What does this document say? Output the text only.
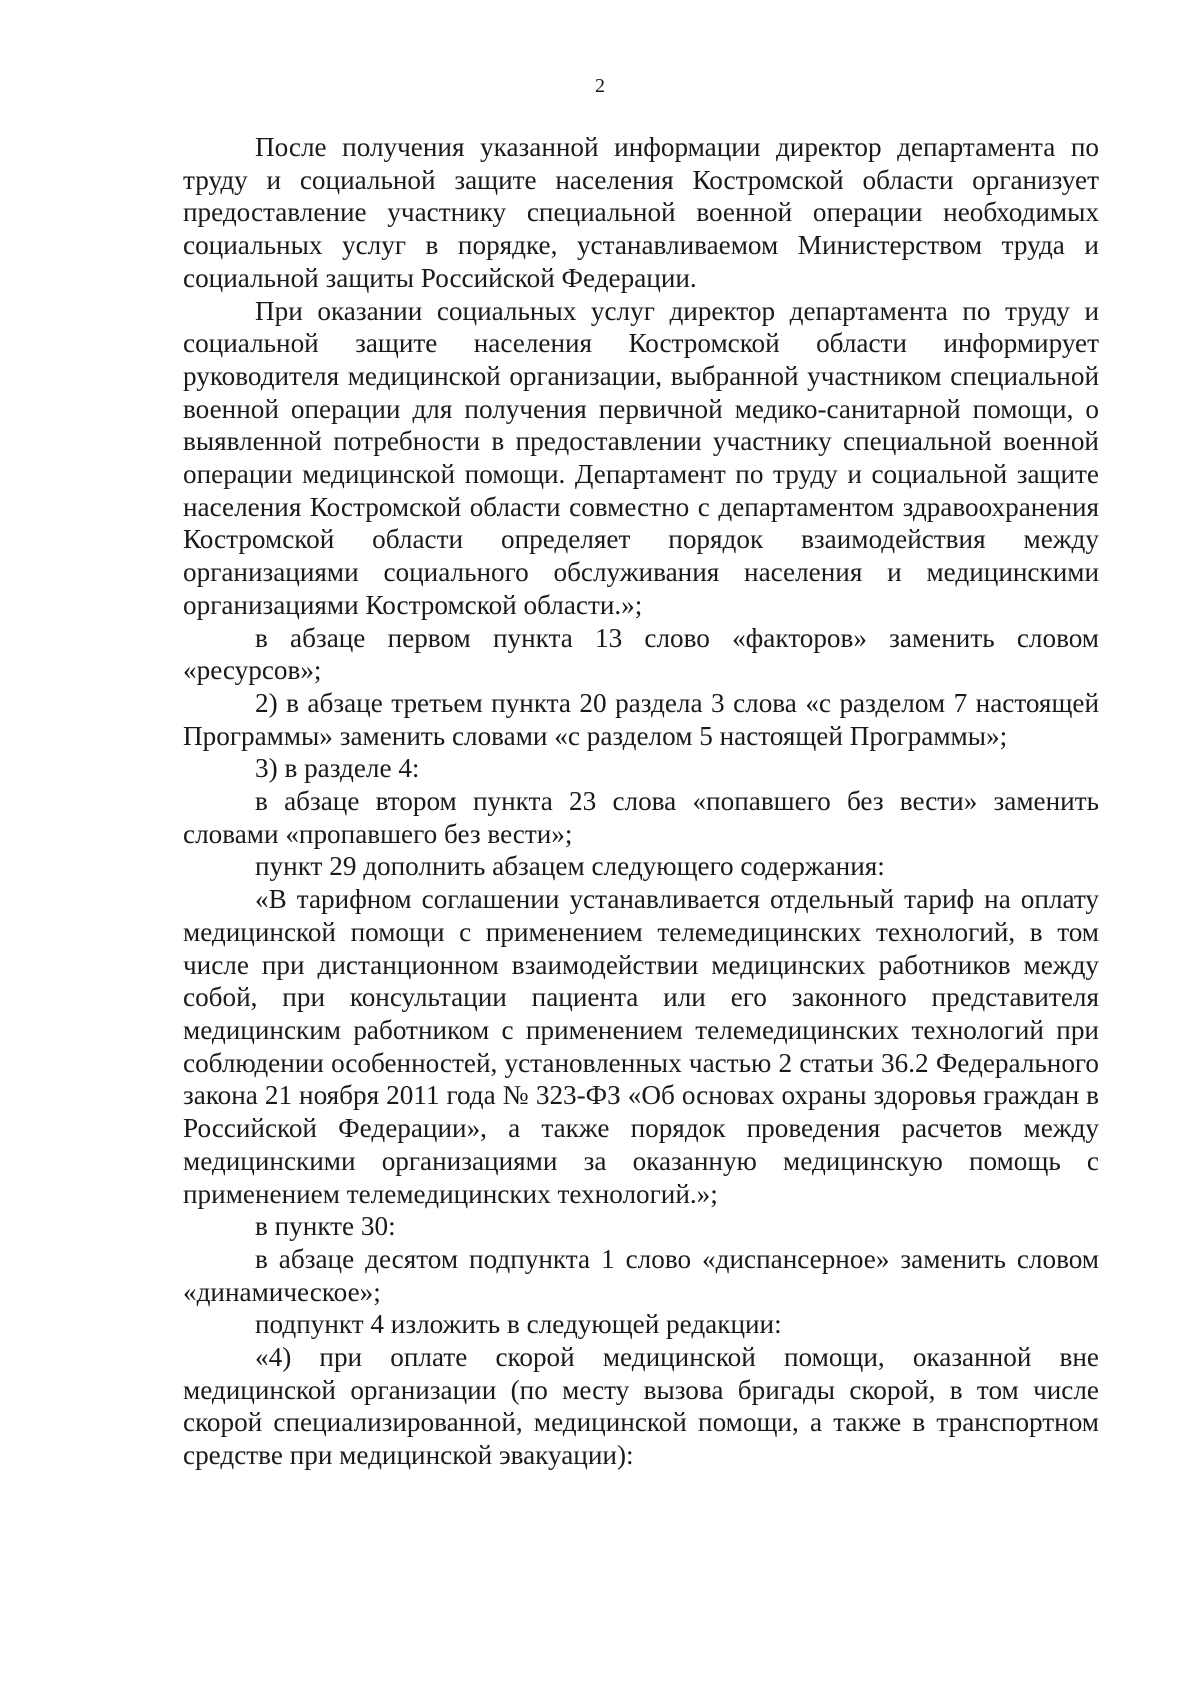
2

После получения указанной информации директор департамента по труду и социальной защите населения Костромской области организует предоставление участнику специальной военной операции необходимых социальных услуг в порядке, устанавливаемом Министерством труда и социальной защиты Российской Федерации.

При оказании социальных услуг директор департамента по труду и социальной защите населения Костромской области информирует руководителя медицинской организации, выбранной участником специальной военной операции для получения первичной медико-санитарной помощи, о выявленной потребности в предоставлении участнику специальной военной операции медицинской помощи. Департамент по труду и социальной защите населения Костромской области совместно с департаментом здравоохранения Костромской области определяет порядок взаимодействия между организациями социального обслуживания населения и медицинскими организациями Костромской области.»;

в абзаце первом пункта 13 слово «факторов» заменить словом «ресурсов»;

2) в абзаце третьем пункта 20 раздела 3 слова «с разделом 7 настоящей Программы» заменить словами «с разделом 5 настоящей Программы»;

3) в разделе 4:

в абзаце втором пункта 23 слова «попавшего без вести» заменить словами «пропавшего без вести»;

пункт 29 дополнить абзацем следующего содержания:

«В тарифном соглашении устанавливается отдельный тариф на оплату медицинской помощи с применением телемедицинских технологий, в том числе при дистанционном взаимодействии медицинских работников между собой, при консультации пациента или его законного представителя медицинским работником с применением телемедицинских технологий при соблюдении особенностей, установленных частью 2 статьи 36.2 Федерального закона 21 ноября 2011 года № 323-ФЗ «Об основах охраны здоровья граждан в Российской Федерации», а также порядок проведения расчетов между медицинскими организациями за оказанную медицинскую помощь с применением телемедицинских технологий.»;

в пункте 30:

в абзаце десятом подпункта 1 слово «диспансерное» заменить словом «динамическое»;

подпункт 4 изложить в следующей редакции:

«4) при оплате скорой медицинской помощи, оказанной вне медицинской организации (по месту вызова бригады скорой, в том числе скорой специализированной, медицинской помощи, а также в транспортном средстве при медицинской эвакуации):
